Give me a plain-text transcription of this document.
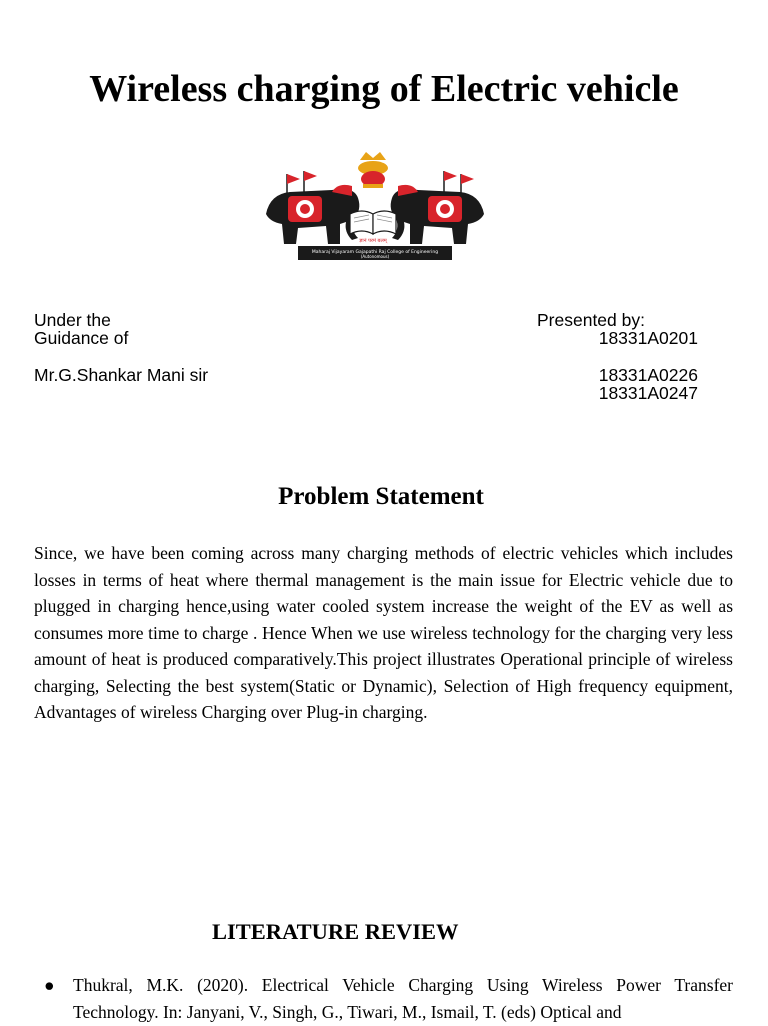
Wireless charging of Electric vehicle
ज्ञानं परमं बलम्
Maharaj Vijayaram Gajapathi Raj College of Engineering
(Autonomous)
Under the
Guidance of
Mr.G.Shankar Mani sir
Presented by:
18331A0201
18331A0226
18331A0247
Problem Statement

Since, we have been coming across many charging methods of electric vehicles which includes losses in terms of heat where thermal management is the main issue for Electric vehicle due to plugged in charging hence,using water cooled system increase the weight of the EV as well as consumes more time to charge . Hence When we use wireless technology for the charging very less amount of heat is produced comparatively.This project illustrates Operational principle of wireless charging, Selecting the best system(Static or Dynamic), Selection of High frequency equipment, Advantages of wireless Charging over Plug-in charging.

LITERATURE REVIEW
● Thukral, M.K. (2020). Electrical Vehicle Charging Using Wireless Power Transfer Technology. In: Janyani, V., Singh, G., Tiwari, M., Ismail, T. (eds) Optical and
